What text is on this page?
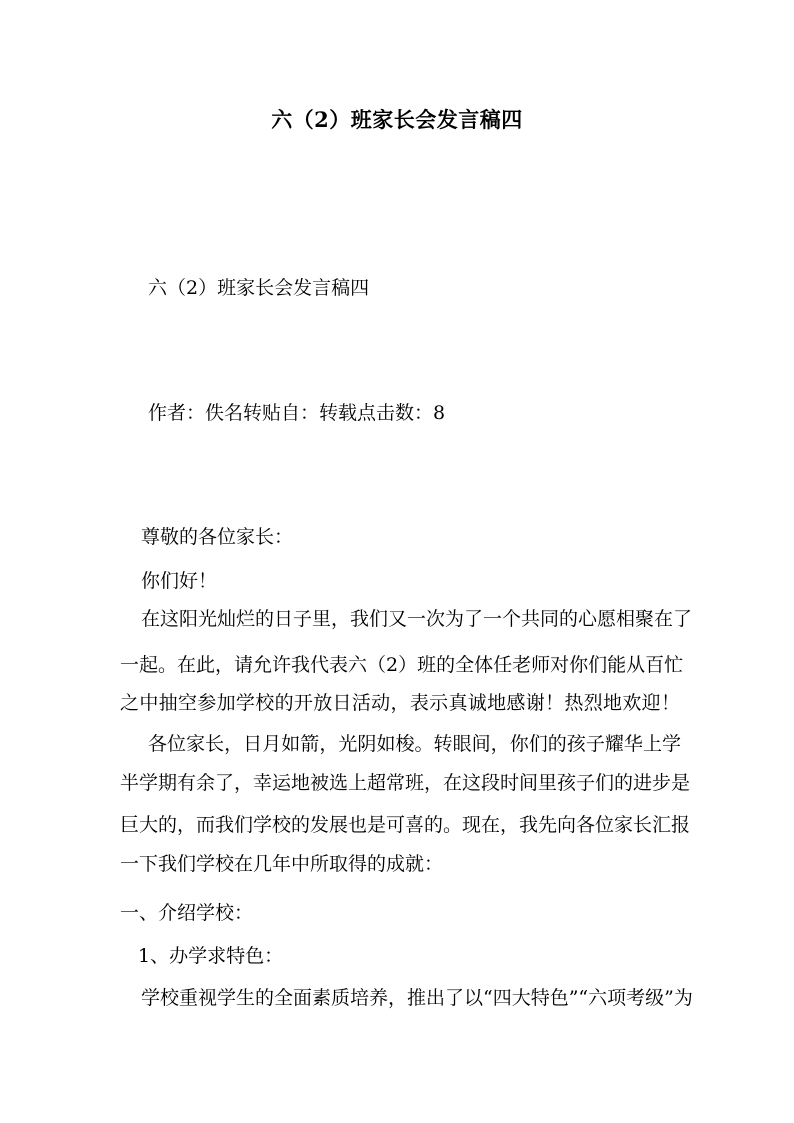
六（2）班家长会发言稿四
六（2）班家长会发言稿四
作者：佚名转贴自：转载点击数：8
尊敬的各位家长：
你们好！
在这阳光灿烂的日子里，我们又一次为了一个共同的心愿相聚在了
一起。在此，请允许我代表六（2）班的全体任老师对你们能从百忙
之中抽空参加学校的开放日活动，表示真诚地感谢！热烈地欢迎！
各位家长，日月如箭，光阴如梭。转眼间，你们的孩子耀华上学
半学期有余了，幸运地被选上超常班，在这段时间里孩子们的进步是
巨大的，而我们学校的发展也是可喜的。现在，我先向各位家长汇报
一下我们学校在几年中所取得的成就：
一、介绍学校：
1、办学求特色：
学校重视学生的全面素质培养，推出了以“四大特色”“六项考级”为
